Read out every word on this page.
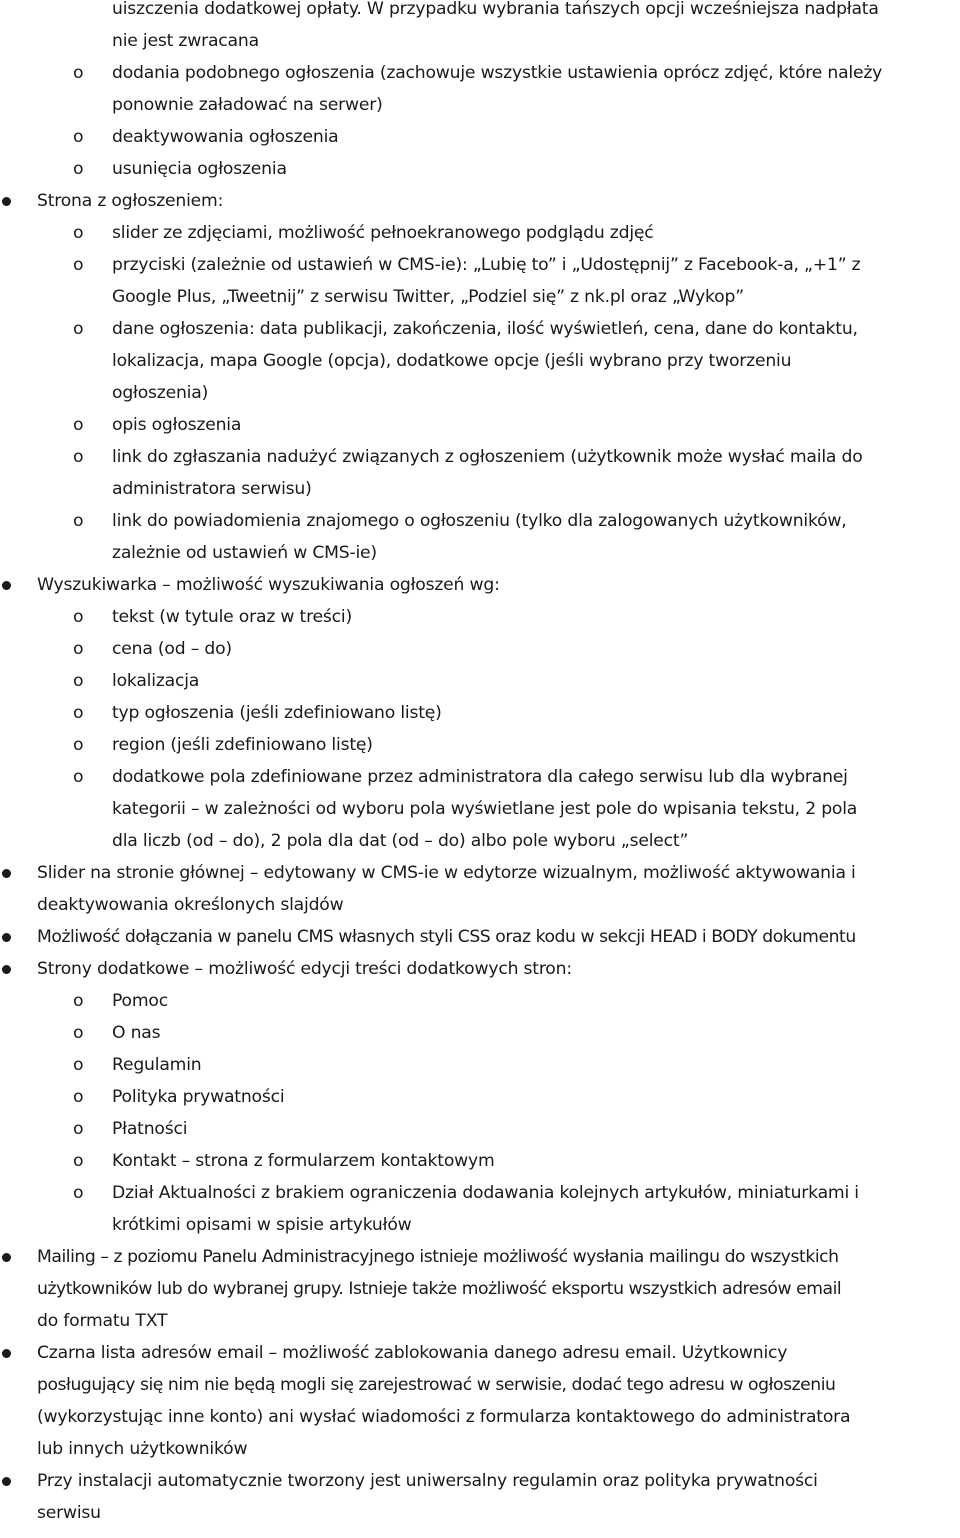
uiszczenia dodatkowej opłaty. W przypadku wybrania tańszych opcji wcześniejsza nadpłata
nie jest zwracana
o dodania podobnego ogłoszenia (zachowuje wszystkie ustawienia oprócz zdjęć, które należy
ponownie załadować na serwer)
o deaktywowania ogłoszenia
o usunięcia ogłoszenia
Strona z ogłoszeniem:
o slider ze zdjęciami, możliwość pełnoekranowego podglądu zdjęć
o przyciski (zależnie od ustawień w CMS-ie): „Lubię to” i „Udostępnij” z Facebook-a, „+1” z
Google Plus, „Tweetnij” z serwisu Twitter, „Podziel się” z nk.pl oraz „Wykop”
o dane ogłoszenia: data publikacji, zakończenia, ilość wyświetleń, cena, dane do kontaktu,
lokalizacja, mapa Google (opcja), dodatkowe opcje (jeśli wybrano przy tworzeniu
ogłoszenia)
o opis ogłoszenia
o link do zgłaszania nadużyć związanych z ogłoszeniem (użytkownik może wysłać maila do
administratora serwisu)
o link do powiadomienia znajomego o ogłoszeniu (tylko dla zalogowanych użytkowników,
zależnie od ustawień w CMS-ie)
Wyszukiwarka – możliwość wyszukiwania ogłoszeń wg:
o tekst (w tytule oraz w treści)
o cena (od – do)
o lokalizacja
o typ ogłoszenia (jeśli zdefiniowano listę)
o region (jeśli zdefiniowano listę)
o dodatkowe pola zdefiniowane przez administratora dla całego serwisu lub dla wybranej
kategorii – w zależności od wyboru pola wyświetlane jest pole do wpisania tekstu, 2 pola
dla liczb (od – do), 2 pola dla dat (od – do) albo pole wyboru „select”
Slider na stronie głównej – edytowany w CMS-ie w edytorze wizualnym, możliwość aktywowania i
deaktywowania określonych slajdów
Możliwość dołączania w panelu CMS własnych styli CSS oraz kodu w sekcji HEAD i BODY dokumentu
Strony dodatkowe – możliwość edycji treści dodatkowych stron:
o Pomoc
o O nas
o Regulamin
o Polityka prywatności
o Płatności
o Kontakt – strona z formularzem kontaktowym
o Dział Aktualności z brakiem ograniczenia dodawania kolejnych artykułów, miniaturkami i
krótkimi opisami w spisie artykułów
Mailing – z poziomu Panelu Administracyjnego istnieje możliwość wysłania mailingu do wszystkich
użytkowników lub do wybranej grupy. Istnieje także możliwość eksportu wszystkich adresów email
do formatu TXT
Czarna lista adresów email – możliwość zablokowania danego adresu email. Użytkownicy
posługujący się nim nie będą mogli się zarejestrować w serwisie, dodać tego adresu w ogłoszeniu
(wykorzystując inne konto) ani wysłać wiadomości z formularza kontaktowego do administratora
lub innych użytkowników
Przy instalacji automatycznie tworzony jest uniwersalny regulamin oraz polityka prywatności
serwisu
